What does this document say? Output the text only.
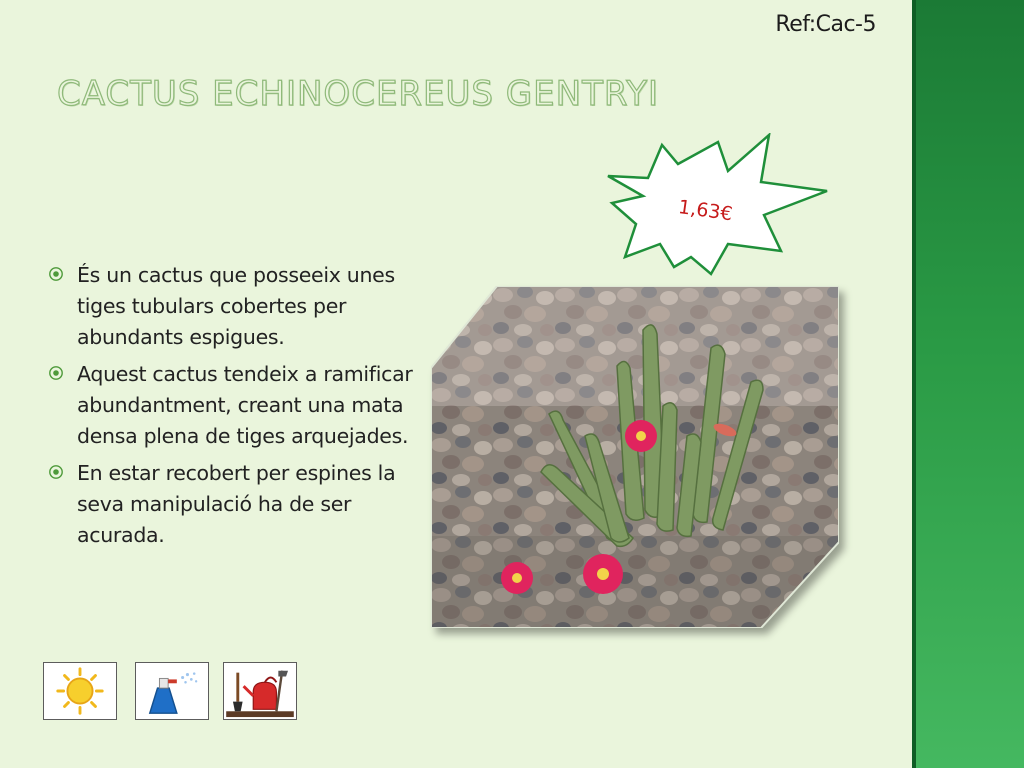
Ref:Cac-5
CACTUS ECHINOCEREUS GENTRYI
1,63€
És un cactus que posseeix unes tiges tubulars cobertes per abundants espigues.
Aquest cactus tendeix a ramificar abundantment, creant una mata densa plena de tiges arquejades.
En estar recobert per espines la seva manipulació ha de ser acurada.
